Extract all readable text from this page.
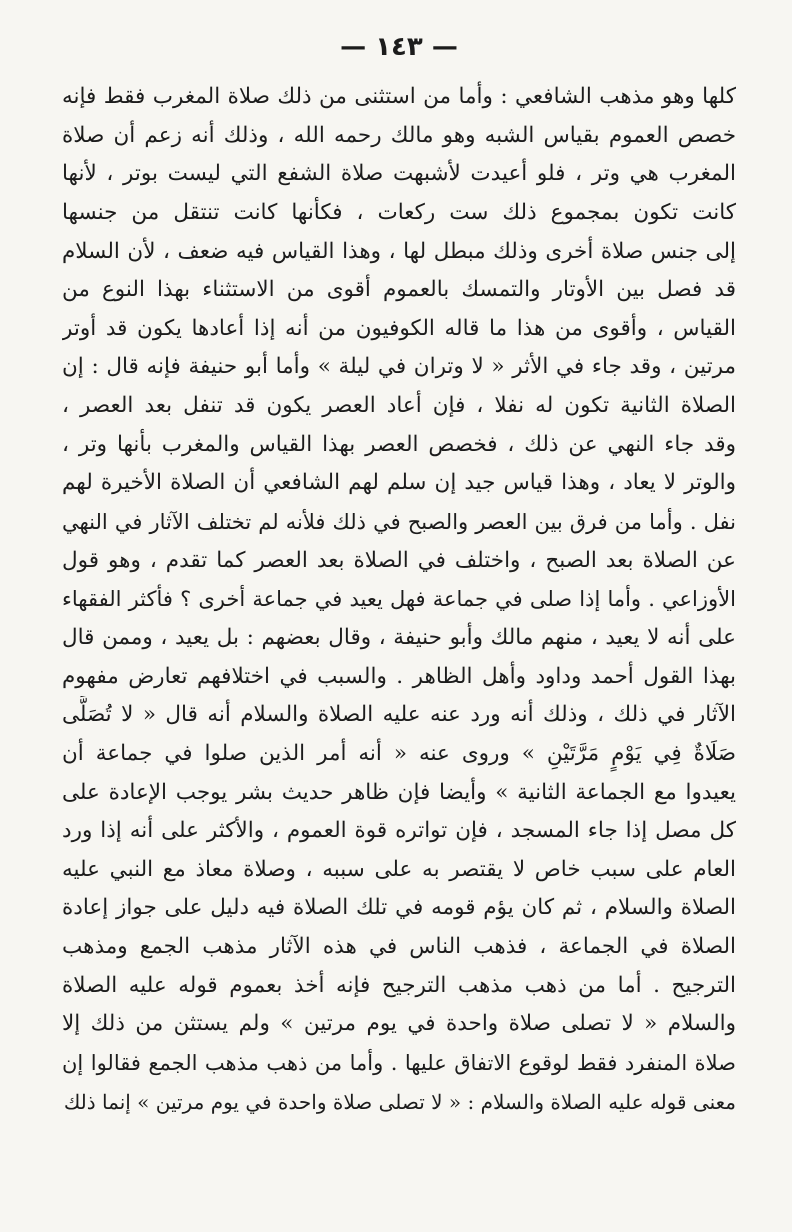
— ١٤٣ —
كلها وهو مذهب الشافعي : وأما من استثنى من ذلك صلاة المغرب فقط فإنه
خصص العموم بقياس الشبه وهو مالك رحمه الله ، وذلك أنه زعم أن صلاة
المغرب هي وتر ، فلو أعيدت لأشبهت صلاة الشفع التي ليست بوتر ، لأنها
كانت تكون بمجموع ذلك ست ركعات ، فكأنها كانت تنتقل من جنسها
إلى جنس صلاة أخرى وذلك مبطل لها ، وهذا القياس فيه ضعف ، لأن السلام
قد فصل بين الأوتار والتمسك بالعموم أقوى من الاستثناء بهذا النوع من
القياس ، وأقوى من هذا ما قاله الكوفيون من أنه إذا أعادها يكون قد أوتر
مرتين ، وقد جاء في الأثر « لا وتران في ليلة » وأما أبو حنيفة فإنه قال : إن
الصلاة الثانية تكون له نفلا ، فإن أعاد العصر يكون قد تنفل بعد العصر ،
وقد جاء النهي عن ذلك ، فخصص العصر بهذا القياس والمغرب بأنها وتر ،
والوتر لا يعاد ، وهذا قياس جيد إن سلم لهم الشافعي أن الصلاة الأخيرة لهم
نفل . وأما من فرق بين العصر والصبح في ذلك فلأنه لم تختلف الآثار في النهي
عن الصلاة بعد الصبح ، واختلف في الصلاة بعد العصر كما تقدم ، وهو قول
الأوزاعي . وأما إذا صلى في جماعة فهل يعيد في جماعة أخرى ؟ فأكثر الفقهاء
على أنه لا يعيد ، منهم مالك وأبو حنيفة ، وقال بعضهم : بل يعيد ، وممن قال
بهذا القول أحمد وداود وأهل الظاهر . والسبب في اختلافهم تعارض مفهوم
الآثار في ذلك ، وذلك أنه ورد عنه عليه الصلاة والسلام أنه قال « لا تُصَلَّى
صَلَاةٌ فِي يَوْمٍ مَرَّتَيْنِ » وروى عنه « أنه أمر الذين صلوا في جماعة أن
يعيدوا مع الجماعة الثانية » وأيضا فإن ظاهر حديث بشر يوجب الإعادة على
كل مصل إذا جاء المسجد ، فإن تواتره قوة العموم ، والأكثر على أنه إذا ورد
العام على سبب خاص لا يقتصر به على سببه ، وصلاة معاذ مع النبي عليه
الصلاة والسلام ، ثم كان يؤم قومه في تلك الصلاة فيه دليل على جواز إعادة
الصلاة في الجماعة ، فذهب الناس في هذه الآثار مذهب الجمع ومذهب
الترجيح . أما من ذهب مذهب الترجيح فإنه أخذ بعموم قوله عليه الصلاة
والسلام « لا تصلى صلاة واحدة في يوم مرتين » ولم يستثن من ذلك إلا
صلاة المنفرد فقط لوقوع الاتفاق عليها . وأما من ذهب مذهب الجمع فقالوا إن
معنى قوله عليه الصلاة والسلام : « لا تصلى صلاة واحدة في يوم مرتين » إنما ذلك
